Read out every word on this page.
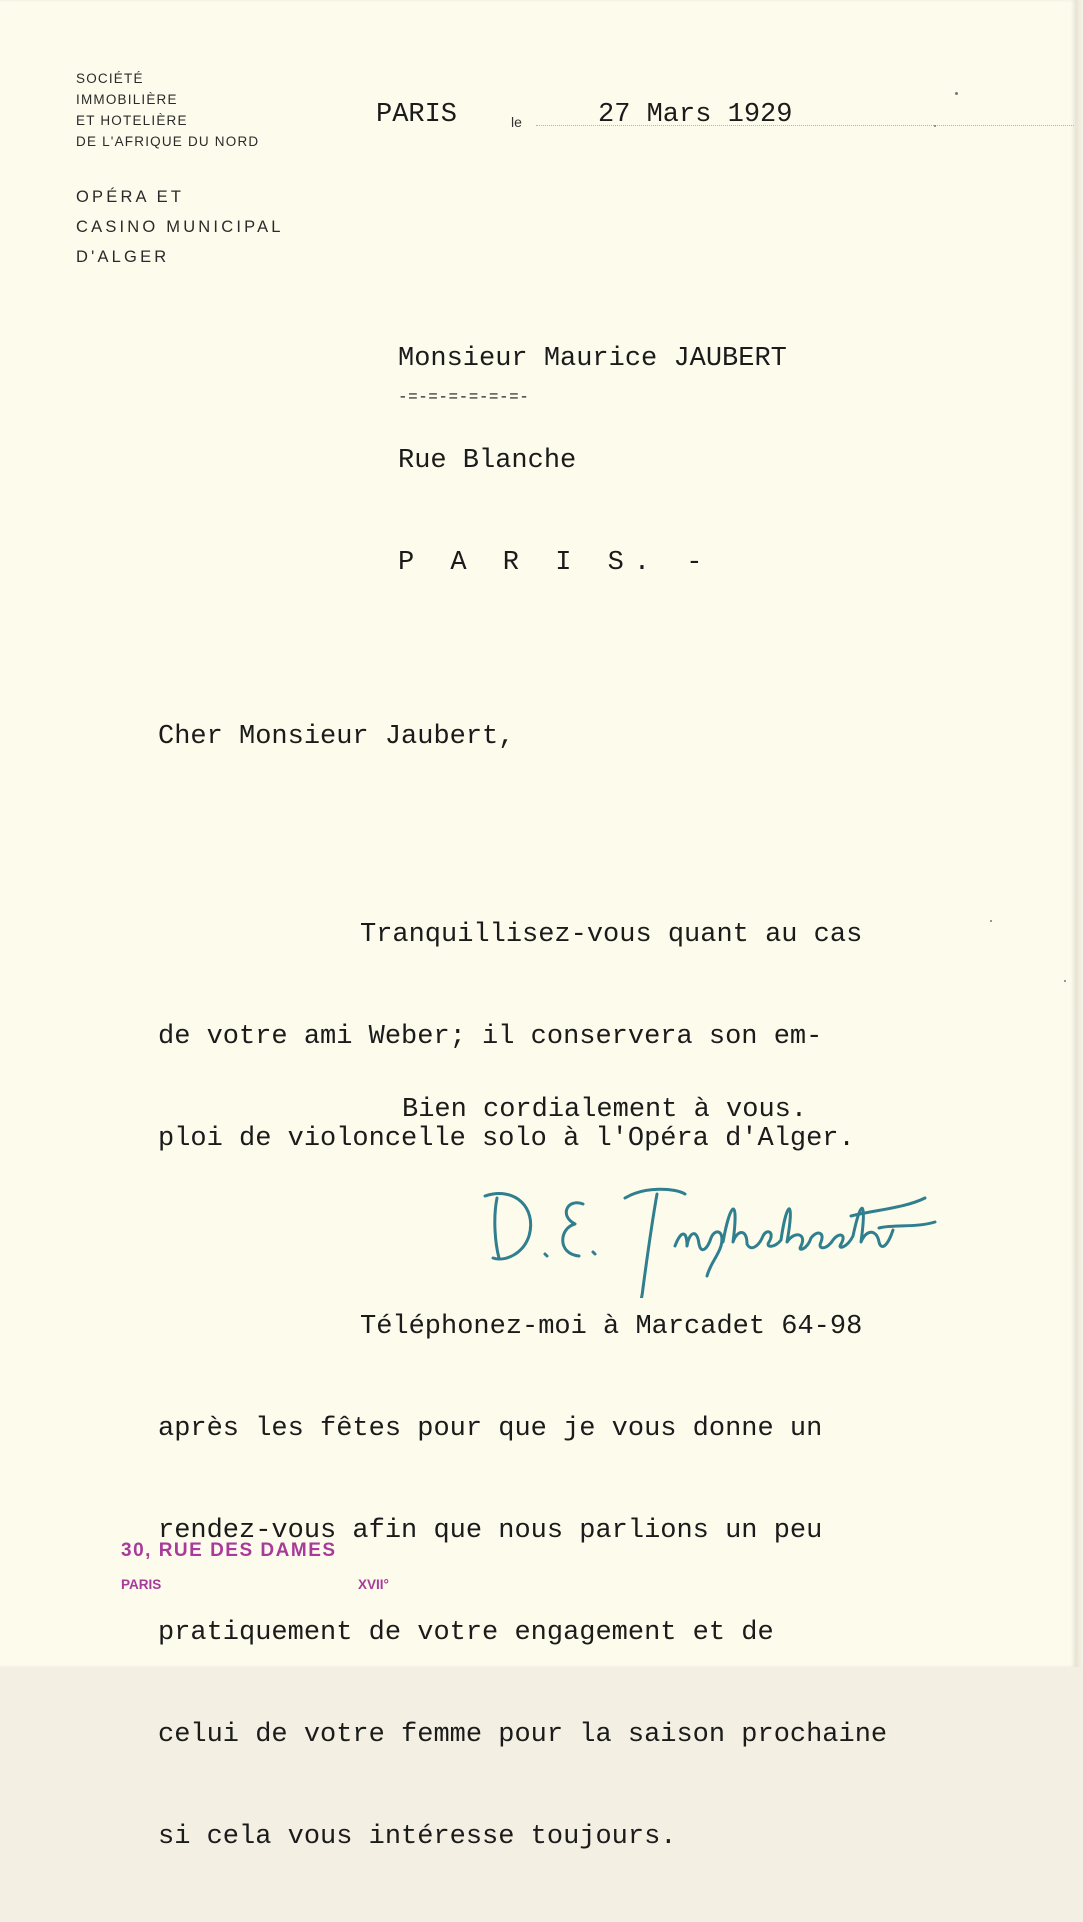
SOCIÉTÉ
IMMOBILIÈRE
ET HOTELIÈRE
DE L'AFRIQUE DU NORD
OPÉRA ET
CASINO MUNICIPAL
D'ALGER
PARIS	le	27 Mars 1929

Monsieur Maurice JAUBERT

Rue Blanche

P A R I S. -

-=-=-=-=-=-=-

Cher Monsieur Jaubert,

Tranquillisez-vous quant au cas

de votre ami Weber; il conservera son em-

ploi de violoncelle solo à l'Opéra d'Alger.

Téléphonez-moi à Marcadet 64-98

après les fêtes pour que je vous donne un

rendez-vous afin que nous parlions un peu

pratiquement de votre engagement et de

celui de votre femme pour la saison prochaine

si cela vous intéresse toujours.

Bien cordialement à vous.
30, RUE DES DAMES
PARIS	XVII°
